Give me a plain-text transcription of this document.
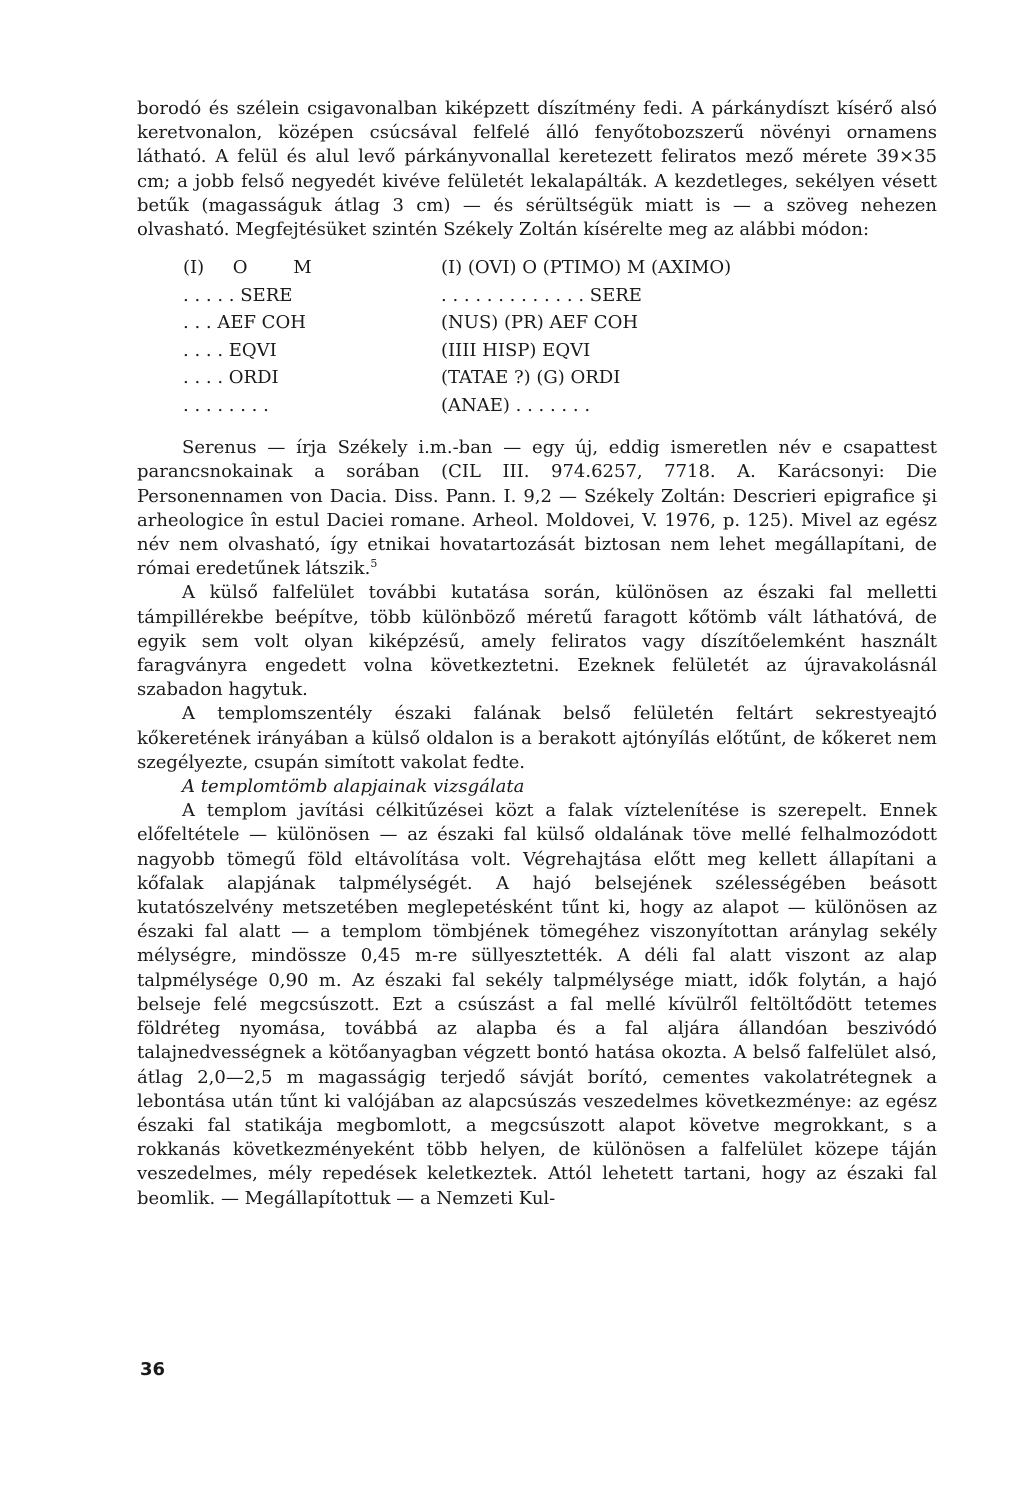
borodó és szélein csigavonalban kiképzett díszítmény fedi. A párkánydíszt kísérő alsó keretvonalon, középen csúcsával felfelé álló fenyőtobozszerű növényi ornamens látható. A felül és alul levő párkányvonallal keretezett feliratos mező mérete 39×35 cm; a jobb felső negyedét kivéve felületét lekalapálták. A kezdetleges, sekélyen vésett betűk (magasságuk átlag 3 cm) — és sérültségük miatt is — a szöveg nehezen olvasható. Megfejtésüket szintén Székely Zoltán kísérelte meg az alábbi módon:

(I)     O        M
. . . . . SERE
. . . AEF COH
. . . . EQVI
. . . . ORDI
. . . . . . . .
(I) (OVI) O (PTIMO) M (AXIMO)
. . . . . . . . . . . . . SERE
(NUS) (PR) AEF COH
(IIII HISP) EQVI
(TATAE ?) (G) ORDI
(ANAE) . . . . . . .

Serenus — írja Székely i.m.-ban — egy új, eddig ismeretlen név e csapattest parancsnokainak a sorában (CIL III. 974.6257, 7718. A. Karácsonyi: Die Personennamen von Dacia. Diss. Pann. I. 9,2 — Székely Zoltán: Descrieri epigrafice şi arheologice în estul Daciei romane. Arheol. Moldovei, V. 1976, p. 125). Mivel az egész név nem olvasható, így etnikai hovatartozását biztosan nem lehet megállapítani, de római eredetűnek látszik.$^5$

A külső falfelület további kutatása során, különösen az északi fal melletti támpillérekbe beépítve, több különböző méretű faragott kőtömb vált láthatóvá, de egyik sem volt olyan kiképzésű, amely feliratos vagy díszítőelemként használt faragványra engedett volna következtetni. Ezeknek felületét az újravakolásnál szabadon hagytuk.

A templomszentély északi falának belső felületén feltárt sekrestyeajtó kőkeretének irányában a külső oldalon is a berakott ajtónyílás előtűnt, de kőkeret nem szegélyezte, csupán simított vakolat fedte.

A templomtömb alapjainak vizsgálata

A templom javítási célkitűzései közt a falak víztelenítése is szerepelt. Ennek előfeltétele — különösen — az északi fal külső oldalának töve mellé felhalmozódott nagyobb tömegű föld eltávolítása volt. Végrehajtása előtt meg kellett állapítani a kőfalak alapjának talpmélységét. A hajó belsejének szélességében beásott kutatószelvény metszetében meglepetésként tűnt ki, hogy az alapot — különösen az északi fal alatt — a templom tömbjének tömegéhez viszonyítottan aránylag sekély mélységre, mindössze 0,45 m-re süllyesztették. A déli fal alatt viszont az alap talpmélysége 0,90 m. Az északi fal sekély talpmélysége miatt, idők folytán, a hajó belseje felé megcsúszott. Ezt a csúszást a fal mellé kívülről feltöltődött tetemes földréteg nyomása, továbbá az alapba és a fal aljára állandóan beszivódó talajnedvességnek a kötőanyagban végzett bontó hatása okozta. A belső falfelület alsó, átlag 2,0—2,5 m magasságig terjedő sávját borító, cementes vakolatrétegnek a lebontása után tűnt ki valójában az alapcsúszás veszedelmes következménye: az egész északi fal statikája megbomlott, a megcsúszott alapot követve megrokkant, s a rokkanás következményeként több helyen, de különösen a falfelület közepe táján veszedelmes, mély repedések keletkeztek. Attól lehetett tartani, hogy az északi fal beomlik. — Megállapítottuk — a Nemzeti Kul-

36
